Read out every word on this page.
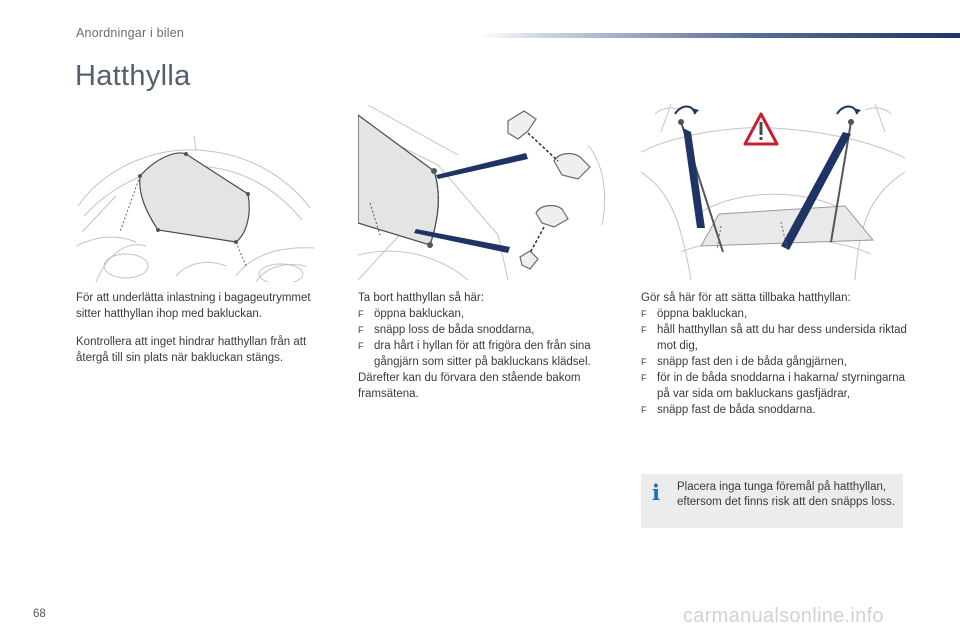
Anordningar i bilen
Hatthylla

För att underlätta inlastning i bagageutrymmet sitter hatthyllan ihop med bakluckan.

Kontrollera att inget hindrar hatthyllan från att återgå till sin plats när bakluckan stängs.

Ta bort hatthyllan så här:

F öppna bakluckan,
F snäpp loss de båda snoddarna,
F dra hårt i hyllan för att frigöra den från sina gångjärn som sitter på bakluckans klädsel.

Därefter kan du förvara den stående bakom framsätena.

Gör så här för att sätta tillbaka hatthyllan:

F öppna bakluckan,
F håll hatthyllan så att du har dess undersida riktad mot dig,
F snäpp fast den i de båda gångjärnen,
F för in de båda snoddarna i hakarna/ styrningarna på var sida om bakluckans gasfjädrar,
F snäpp fast de båda snoddarna.
i Placera inga tunga föremål på hatthyllan, eftersom det finns risk att den snäpps loss.
68	carmanualsonline.info
